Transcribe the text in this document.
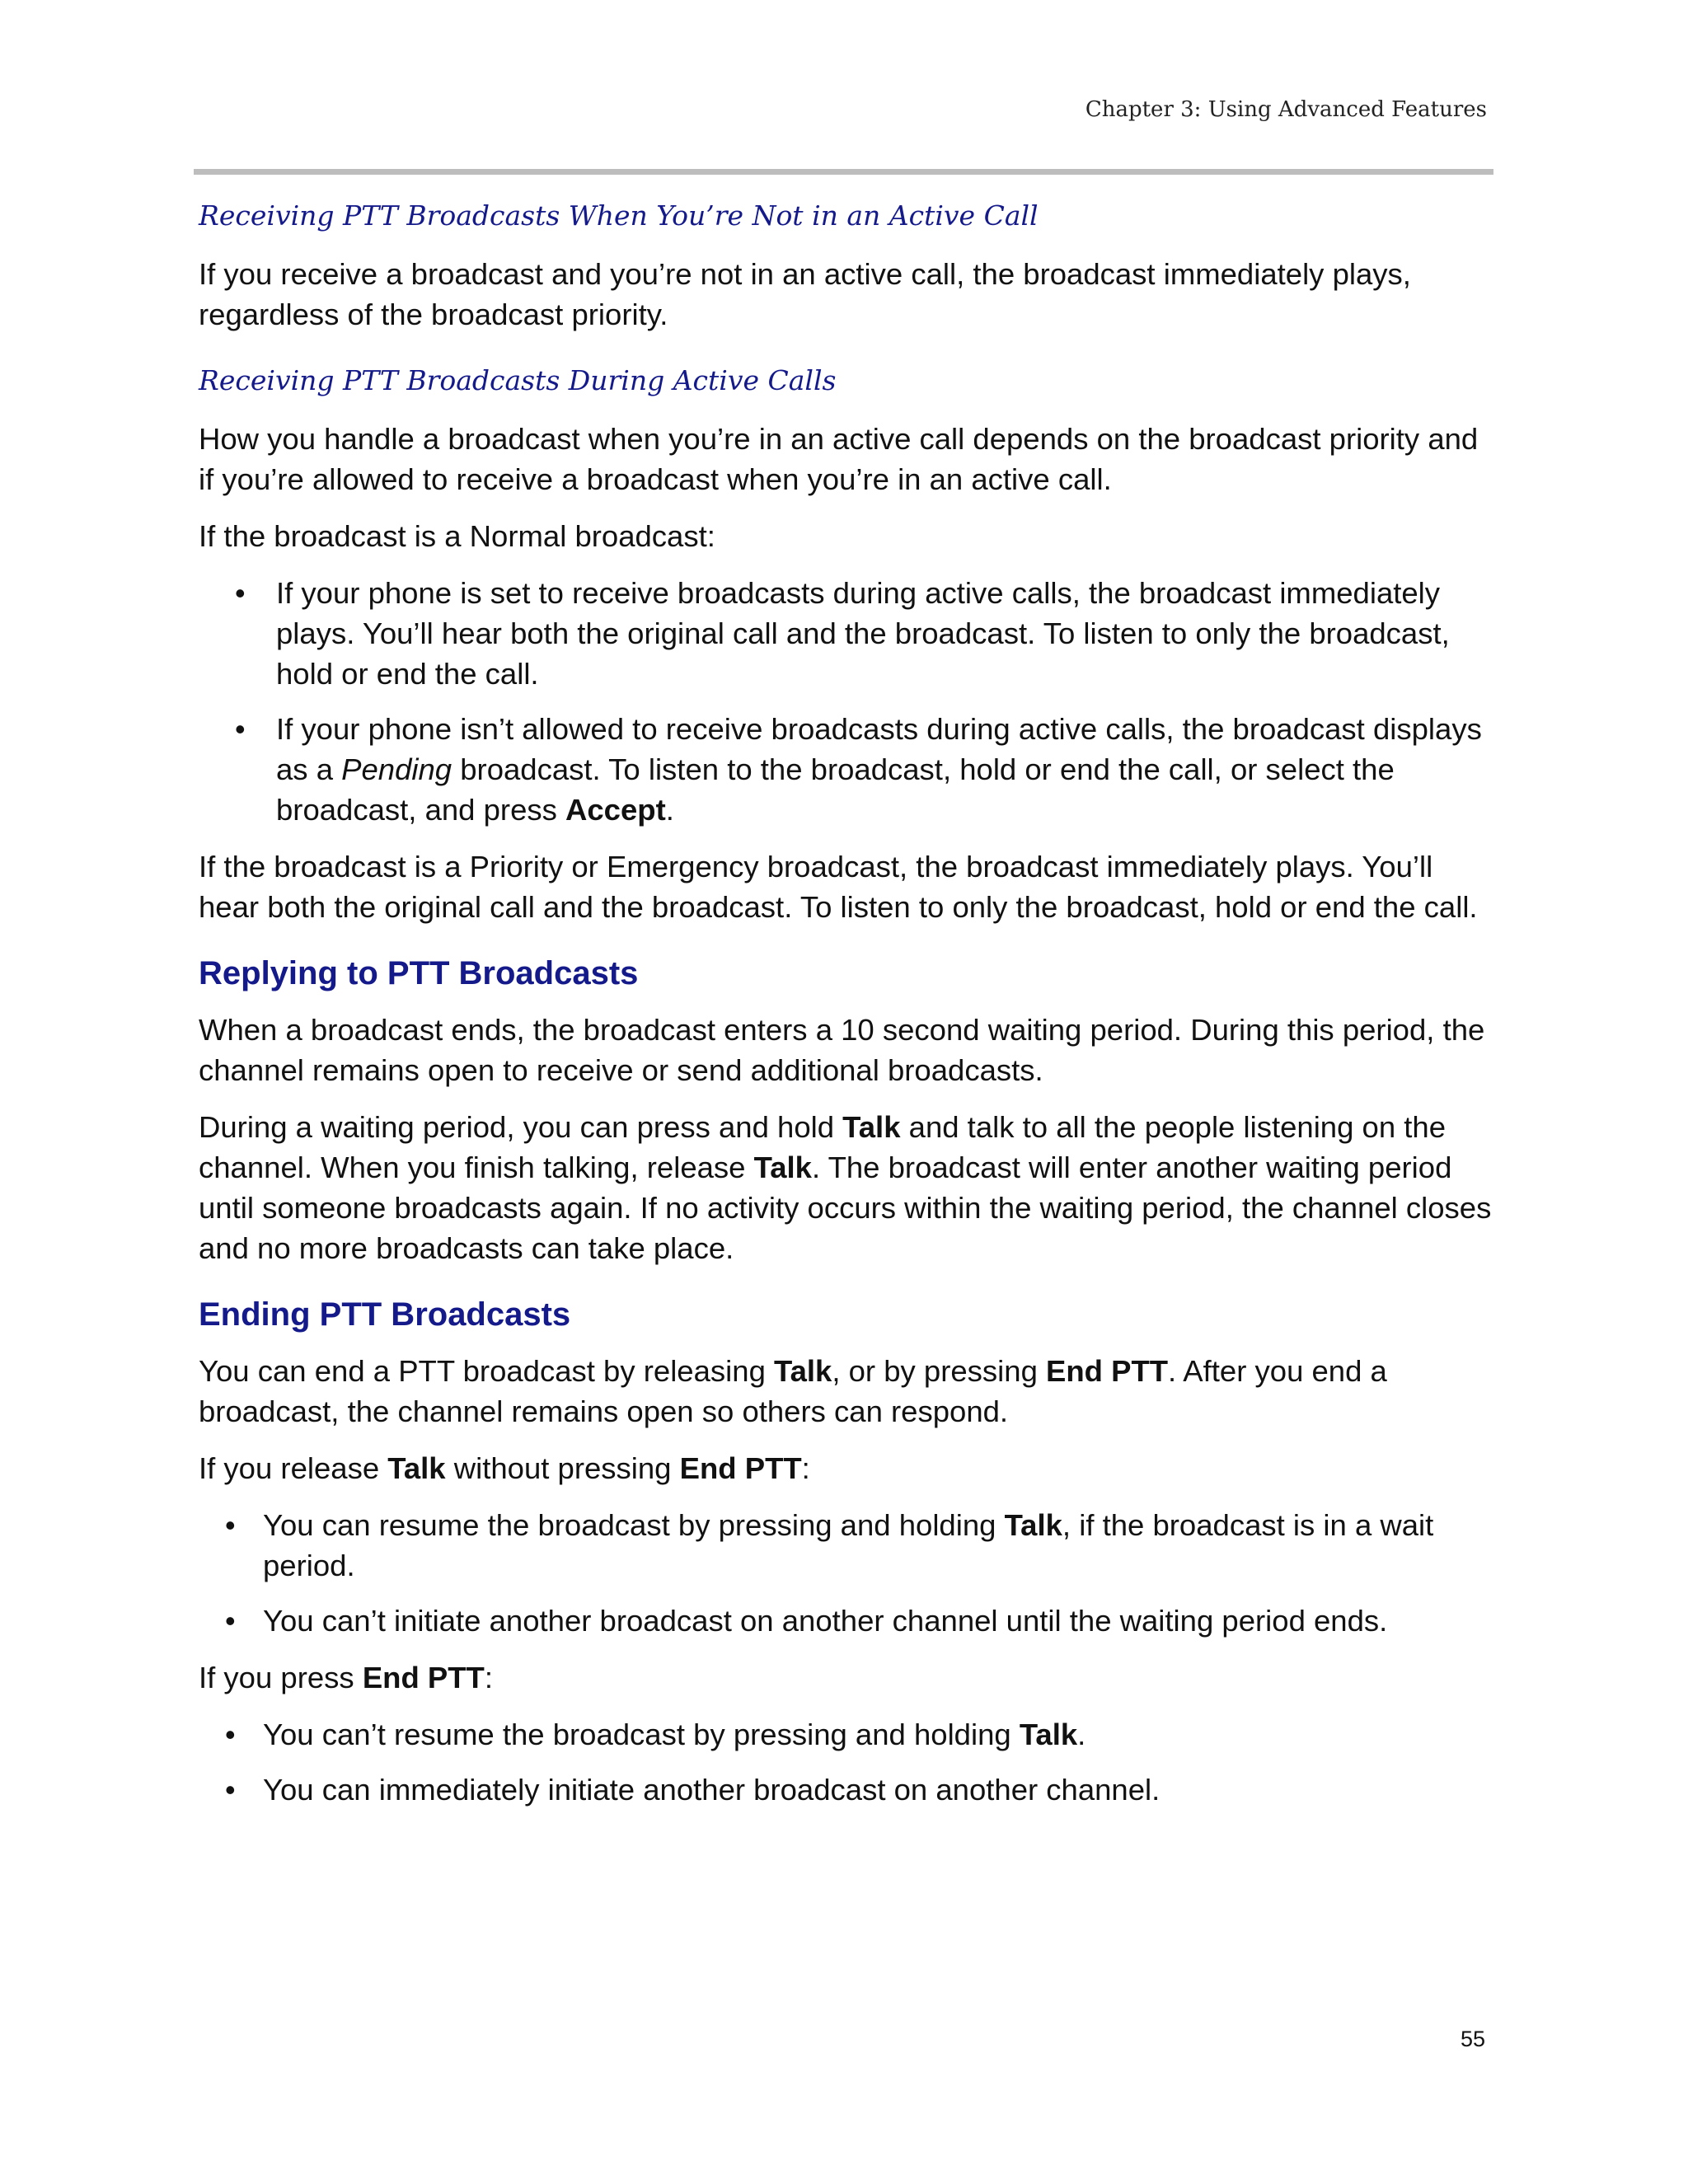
Chapter 3: Using Advanced Features
Receiving PTT Broadcasts When You’re Not in an Active Call

If you receive a broadcast and you’re not in an active call, the broadcast immediately plays, regardless of the broadcast priority.

Receiving PTT Broadcasts During Active Calls

How you handle a broadcast when you’re in an active call depends on the broadcast priority and if you’re allowed to receive a broadcast when you’re in an active call.

If the broadcast is a Normal broadcast:

• If your phone is set to receive broadcasts during active calls, the broadcast immediately plays. You’ll hear both the original call and the broadcast. To listen to only the broadcast, hold or end the call.
• If your phone isn’t allowed to receive broadcasts during active calls, the broadcast displays as a Pending broadcast. To listen to the broadcast, hold or end the call, or select the broadcast, and press Accept.

If the broadcast is a Priority or Emergency broadcast, the broadcast immediately plays. You’ll hear both the original call and the broadcast. To listen to only the broadcast, hold or end the call.

Replying to PTT Broadcasts

When a broadcast ends, the broadcast enters a 10 second waiting period. During this period, the channel remains open to receive or send additional broadcasts.

During a waiting period, you can press and hold Talk and talk to all the people listening on the channel. When you finish talking, release Talk. The broadcast will enter another waiting period until someone broadcasts again. If no activity occurs within the waiting period, the channel closes and no more broadcasts can take place.

Ending PTT Broadcasts

You can end a PTT broadcast by releasing Talk, or by pressing End PTT. After you end a broadcast, the channel remains open so others can respond.

If you release Talk without pressing End PTT:

• You can resume the broadcast by pressing and holding Talk, if the broadcast is in a wait period.
• You can’t initiate another broadcast on another channel until the waiting period ends.

If you press End PTT:

• You can’t resume the broadcast by pressing and holding Talk.
• You can immediately initiate another broadcast on another channel.
55
